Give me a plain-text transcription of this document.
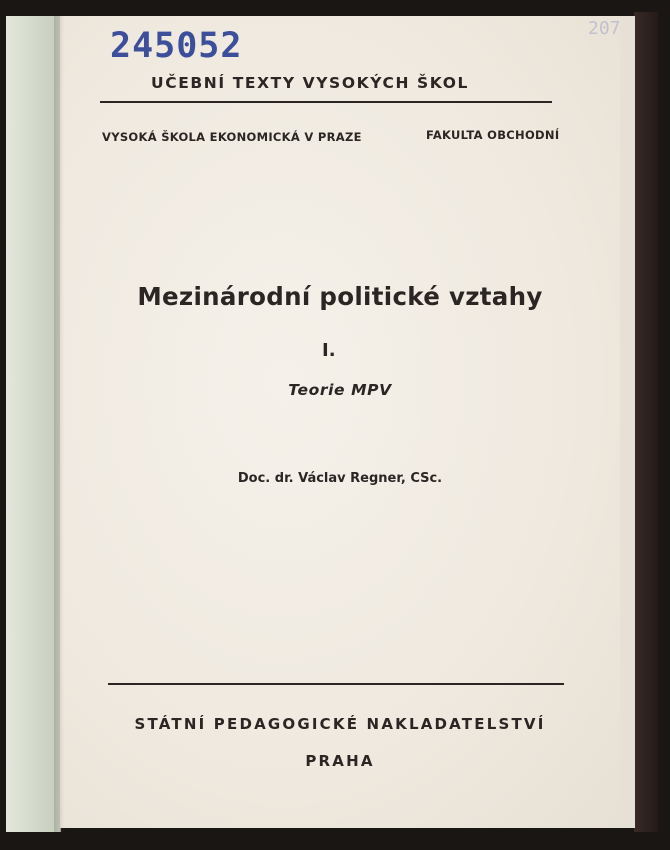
245052	207
UČEBNÍ TEXTY VYSOKÝCH ŠKOL
VYSOKÁ ŠKOLA EKONOMICKÁ V PRAZE	FAKULTA OBCHODNÍ
Mezinárodní politické vztahy
I.
Teorie MPV
Doc. dr. Václav Regner, CSc.
STÁTNÍ PEDAGOGICKÉ NAKLADATELSTVÍ
PRAHA
